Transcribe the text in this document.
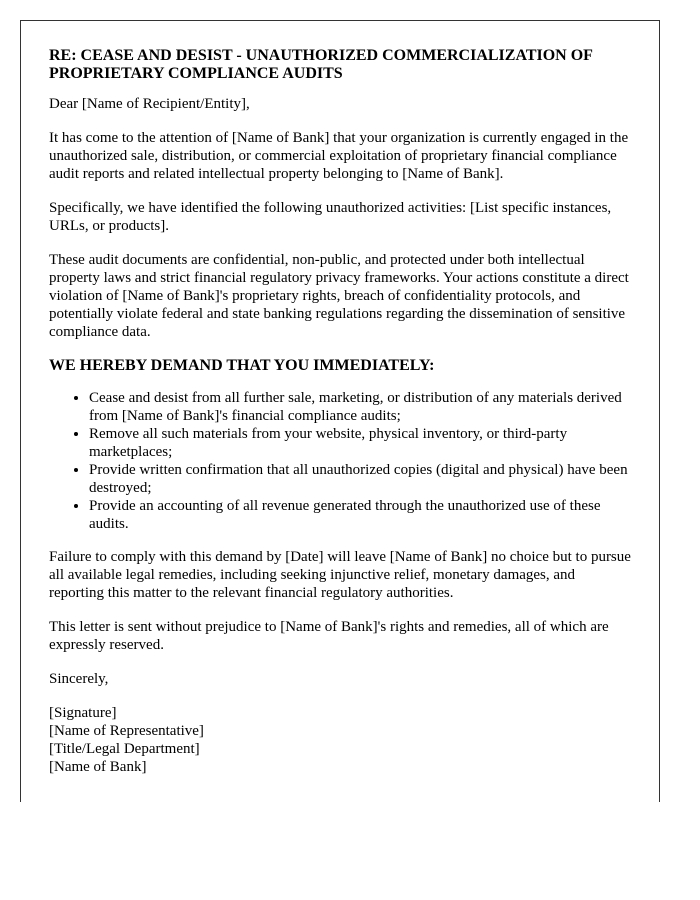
RE: CEASE AND DESIST - UNAUTHORIZED COMMERCIALIZATION OF PROPRIETARY COMPLIANCE AUDITS

Dear [Name of Recipient/Entity],

It has come to the attention of [Name of Bank] that your organization is currently engaged in the unauthorized sale, distribution, or commercial exploitation of proprietary financial compliance audit reports and related intellectual property belonging to [Name of Bank].

Specifically, we have identified the following unauthorized activities: [List specific instances, URLs, or products].

These audit documents are confidential, non-public, and protected under both intellectual property laws and strict financial regulatory privacy frameworks. Your actions constitute a direct violation of [Name of Bank]'s proprietary rights, breach of confidentiality protocols, and potentially violate federal and state banking regulations regarding the dissemination of sensitive compliance data.

WE HEREBY DEMAND THAT YOU IMMEDIATELY:
• Cease and desist from all further sale, marketing, or distribution of any materials derived from [Name of Bank]'s financial compliance audits;
• Remove all such materials from your website, physical inventory, or third-party marketplaces;
• Provide written confirmation that all unauthorized copies (digital and physical) have been destroyed;
• Provide an accounting of all revenue generated through the unauthorized use of these audits.

Failure to comply with this demand by [Date] will leave [Name of Bank] no choice but to pursue all available legal remedies, including seeking injunctive relief, monetary damages, and reporting this matter to the relevant financial regulatory authorities.

This letter is sent without prejudice to [Name of Bank]'s rights and remedies, all of which are expressly reserved.

Sincerely,

[Signature]
[Name of Representative]
[Title/Legal Department]
[Name of Bank]
